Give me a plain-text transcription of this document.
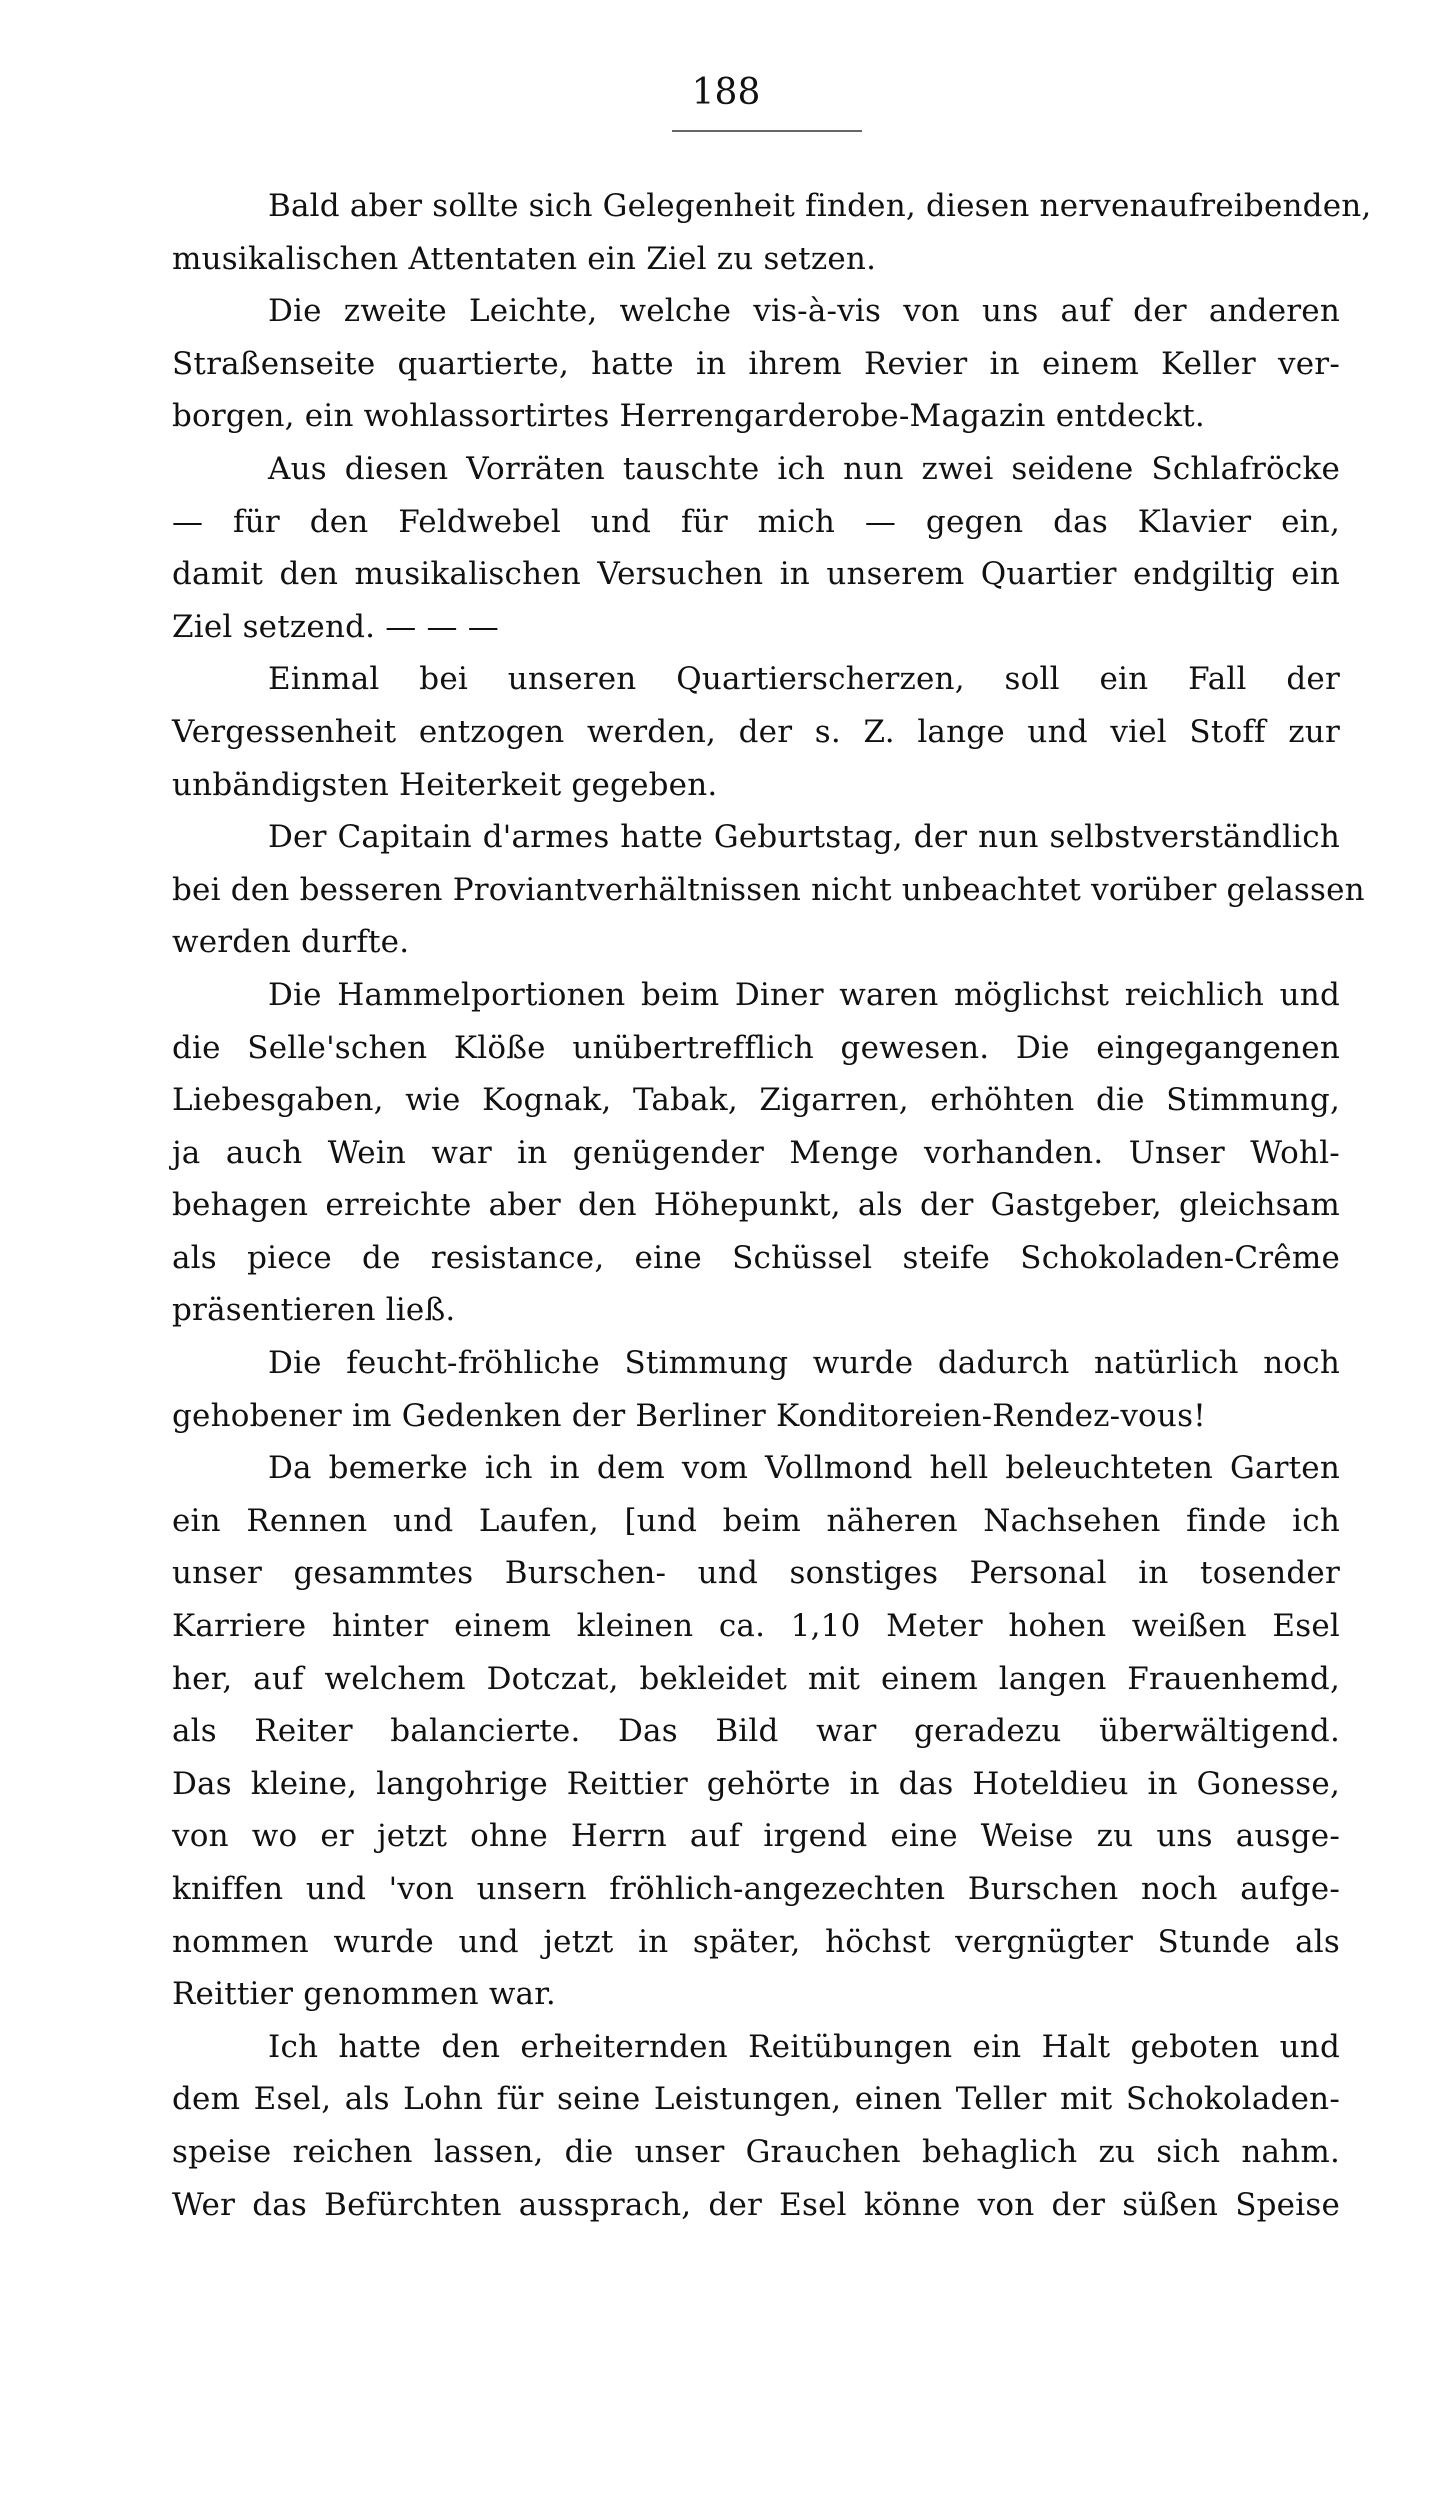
188
Bald aber sollte sich Gelegenheit finden, diesen nervenaufreibenden,
musikalischen Attentaten ein Ziel zu setzen.
Die zweite Leichte, welche vis-à-vis von uns auf der anderen
Straßenseite quartierte, hatte in ihrem Revier in einem Keller ver-
borgen, ein wohlassortirtes Herrengarderobe-Magazin entdeckt.
Aus diesen Vorräten tauschte ich nun zwei seidene Schlafröcke
— für den Feldwebel und für mich — gegen das Klavier ein,
damit den musikalischen Versuchen in unserem Quartier endgiltig ein
Ziel setzend. — — —
Einmal bei unseren Quartierscherzen, soll ein Fall der
Vergessenheit entzogen werden, der s. Z. lange und viel Stoff zur
unbändigsten Heiterkeit gegeben.
Der Capitain d'armes hatte Geburtstag, der nun selbstverständlich
bei den besseren Proviantverhältnissen nicht unbeachtet vorüber gelassen
werden durfte.
Die Hammelportionen beim Diner waren möglichst reichlich und
die Selle'schen Klöße unübertrefflich gewesen. Die eingegangenen
Liebesgaben, wie Kognak, Tabak, Zigarren, erhöhten die Stimmung,
ja auch Wein war in genügender Menge vorhanden. Unser Wohl-
behagen erreichte aber den Höhepunkt, als der Gastgeber, gleichsam
als piece de resistance, eine Schüssel steife Schokoladen-Crême
präsentieren ließ.
Die feucht-fröhliche Stimmung wurde dadurch natürlich noch
gehobener im Gedenken der Berliner Konditoreien-Rendez-vous!
Da bemerke ich in dem vom Vollmond hell beleuchteten Garten
ein Rennen und Laufen, [und beim näheren Nachsehen finde ich
unser gesammtes Burschen- und sonstiges Personal in tosender
Karriere hinter einem kleinen ca. 1,10 Meter hohen weißen Esel
her, auf welchem Dotczat, bekleidet mit einem langen Frauenhemd,
als Reiter balancierte. Das Bild war geradezu überwältigend.
Das kleine, langohrige Reittier gehörte in das Hoteldieu in Gonesse,
von wo er jetzt ohne Herrn auf irgend eine Weise zu uns ausge-
kniffen und 'von unsern fröhlich-angezechten Burschen noch aufge-
nommen wurde und jetzt in später, höchst vergnügter Stunde als
Reittier genommen war.
Ich hatte den erheiternden Reitübungen ein Halt geboten und
dem Esel, als Lohn für seine Leistungen, einen Teller mit Schokoladen-
speise reichen lassen, die unser Grauchen behaglich zu sich nahm.
Wer das Befürchten aussprach, der Esel könne von der süßen Speise
